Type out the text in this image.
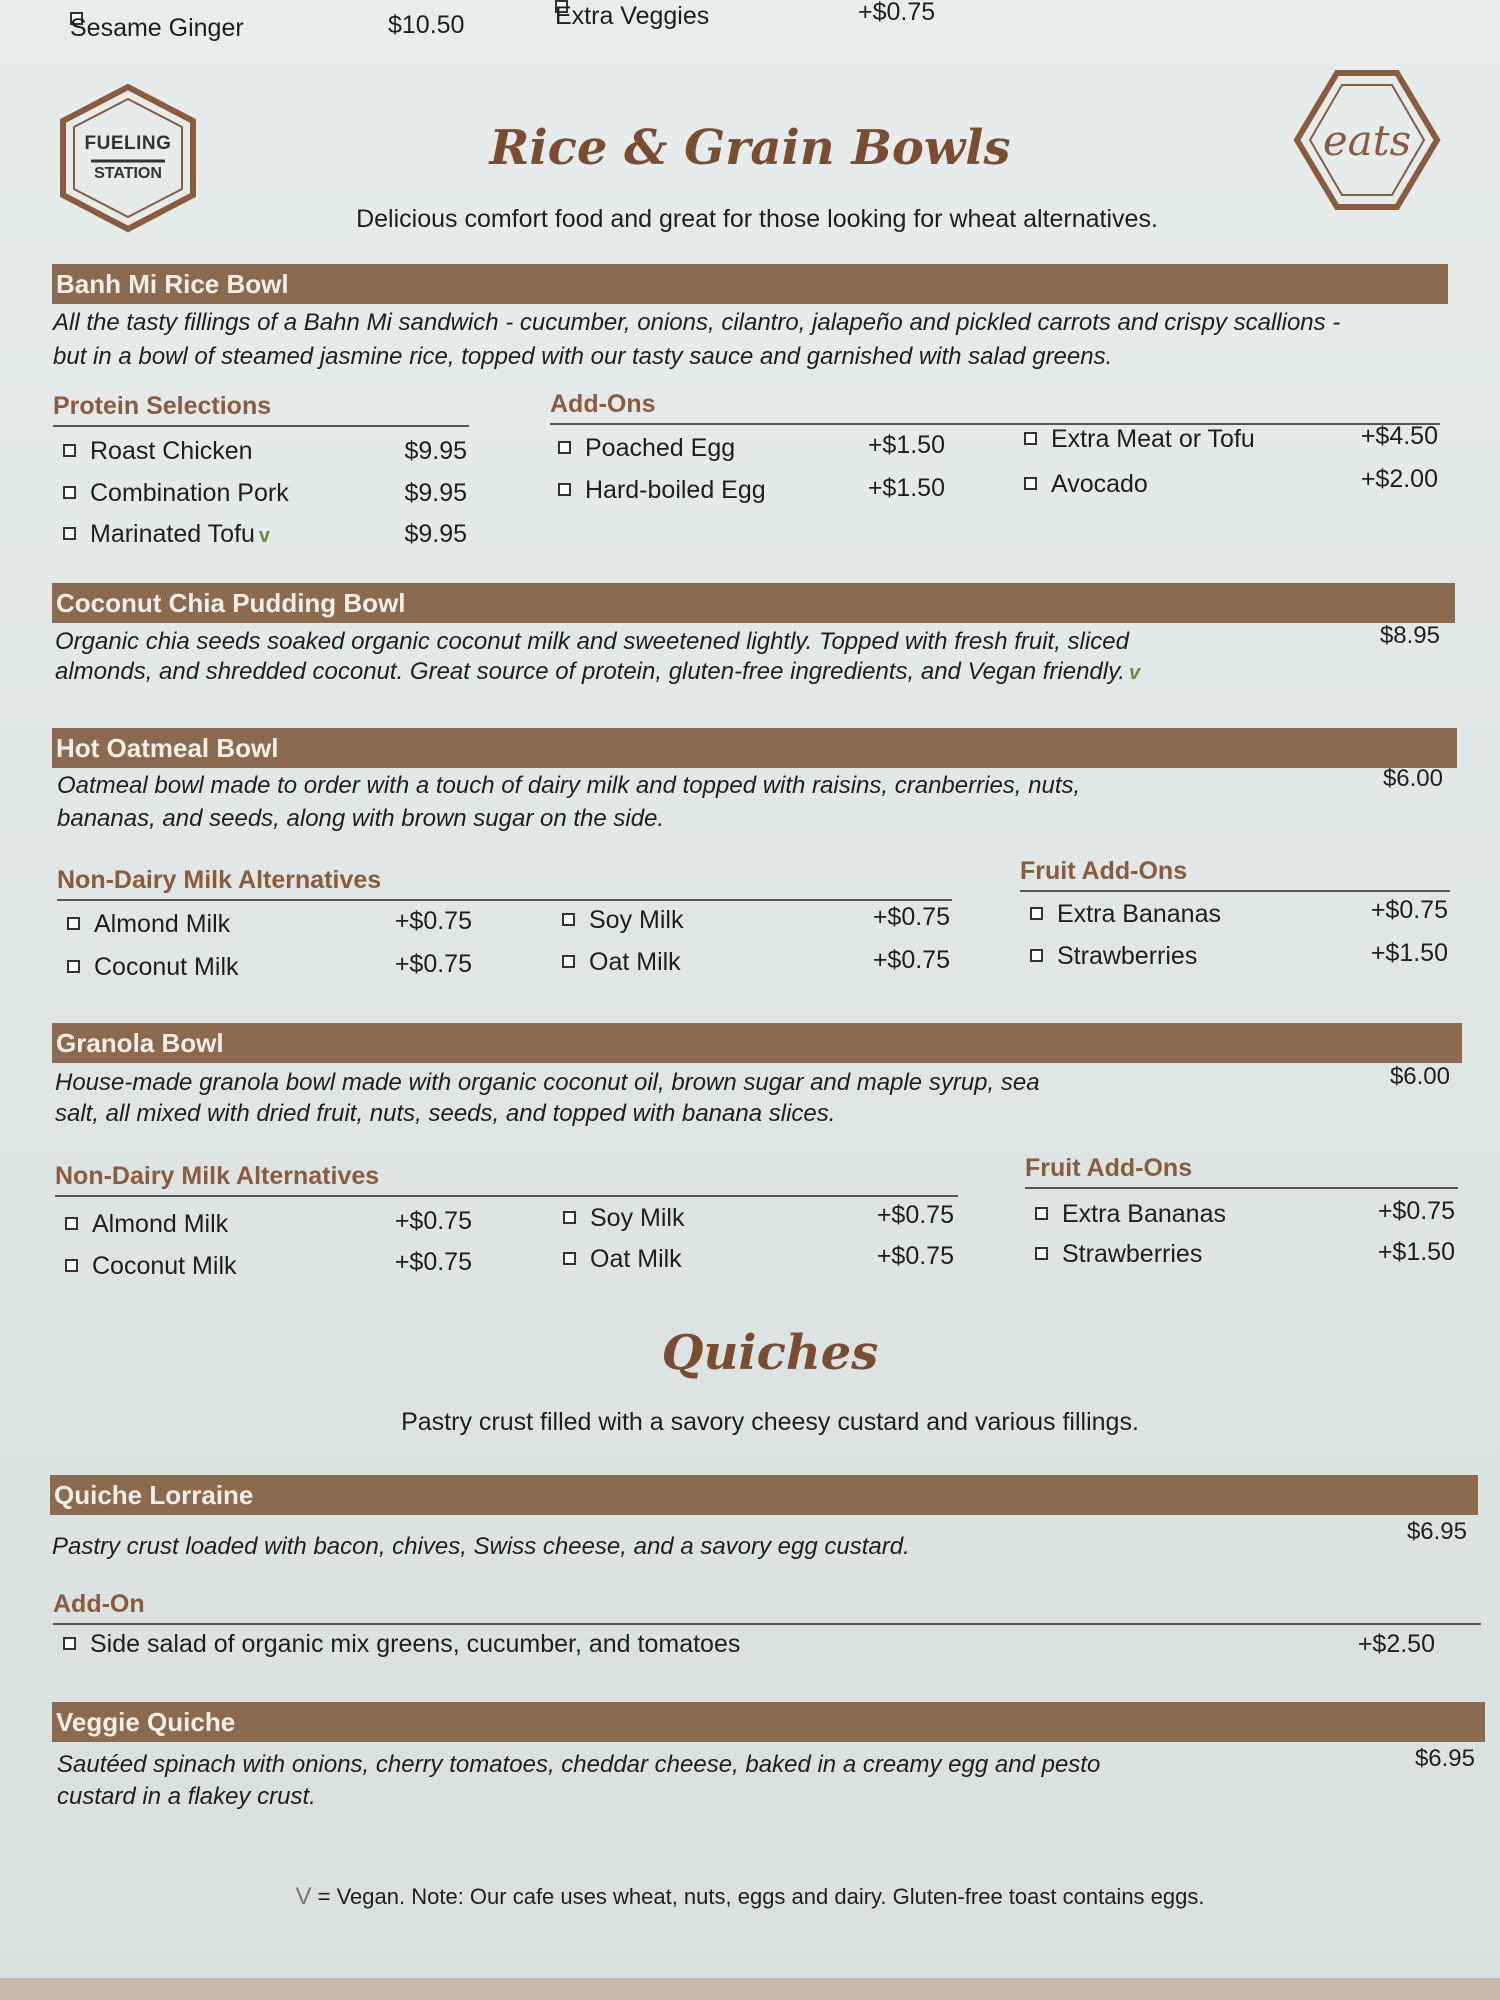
Sesame Ginger	$10.50	Extra Veggies	+$0.75
FUELING
STATION
eats
Rice & Grain Bowls
Delicious comfort food and great for those looking for wheat alternatives.
Banh Mi Rice Bowl
All the tasty fillings of a Bahn Mi sandwich - cucumber, onions, cilantro, jalapeño and pickled carrots and crispy scallions -
but in a bowl of steamed jasmine rice, topped with our tasty sauce and garnished with salad greens.
Protein Selections
Roast Chicken	$9.95
Combination Pork	$9.95
Marinated Tofu v	$9.95
Add-Ons
Poached Egg	+$1.50
Hard-boiled Egg	+$1.50
Extra Meat or Tofu	+$4.50
Avocado	+$2.00
Coconut Chia Pudding Bowl
Organic chia seeds soaked organic coconut milk and sweetened lightly. Topped with fresh fruit, sliced
almonds, and shredded coconut. Great source of protein, gluten-free ingredients, and Vegan friendly. v
$8.95
Hot Oatmeal Bowl
Oatmeal bowl made to order with a touch of dairy milk and topped with raisins, cranberries, nuts,
bananas, and seeds, along with brown sugar on the side.
$6.00
Non-Dairy Milk Alternatives
Almond Milk	+$0.75
Coconut Milk	+$0.75
Soy Milk	+$0.75
Oat Milk	+$0.75
Fruit Add-Ons
Extra Bananas	+$0.75
Strawberries	+$1.50
Granola Bowl
House-made granola bowl made with organic coconut oil, brown sugar and maple syrup, sea
salt, all mixed with dried fruit, nuts, seeds, and topped with banana slices.
$6.00
Non-Dairy Milk Alternatives
Almond Milk	+$0.75
Coconut Milk	+$0.75
Soy Milk	+$0.75
Oat Milk	+$0.75
Fruit Add-Ons
Extra Bananas	+$0.75
Strawberries	+$1.50
Quiches
Pastry crust filled with a savory cheesy custard and various fillings.
Quiche Lorraine
Pastry crust loaded with bacon, chives, Swiss cheese, and a savory egg custard.
$6.95
Add-On
Side salad of organic mix greens, cucumber, and tomatoes	+$2.50
Veggie Quiche
Sautéed spinach with onions, cherry tomatoes, cheddar cheese, baked in a creamy egg and pesto
custard in a flakey crust.
$6.95
V = Vegan. Note: Our cafe uses wheat, nuts, eggs and dairy. Gluten-free toast contains eggs.
